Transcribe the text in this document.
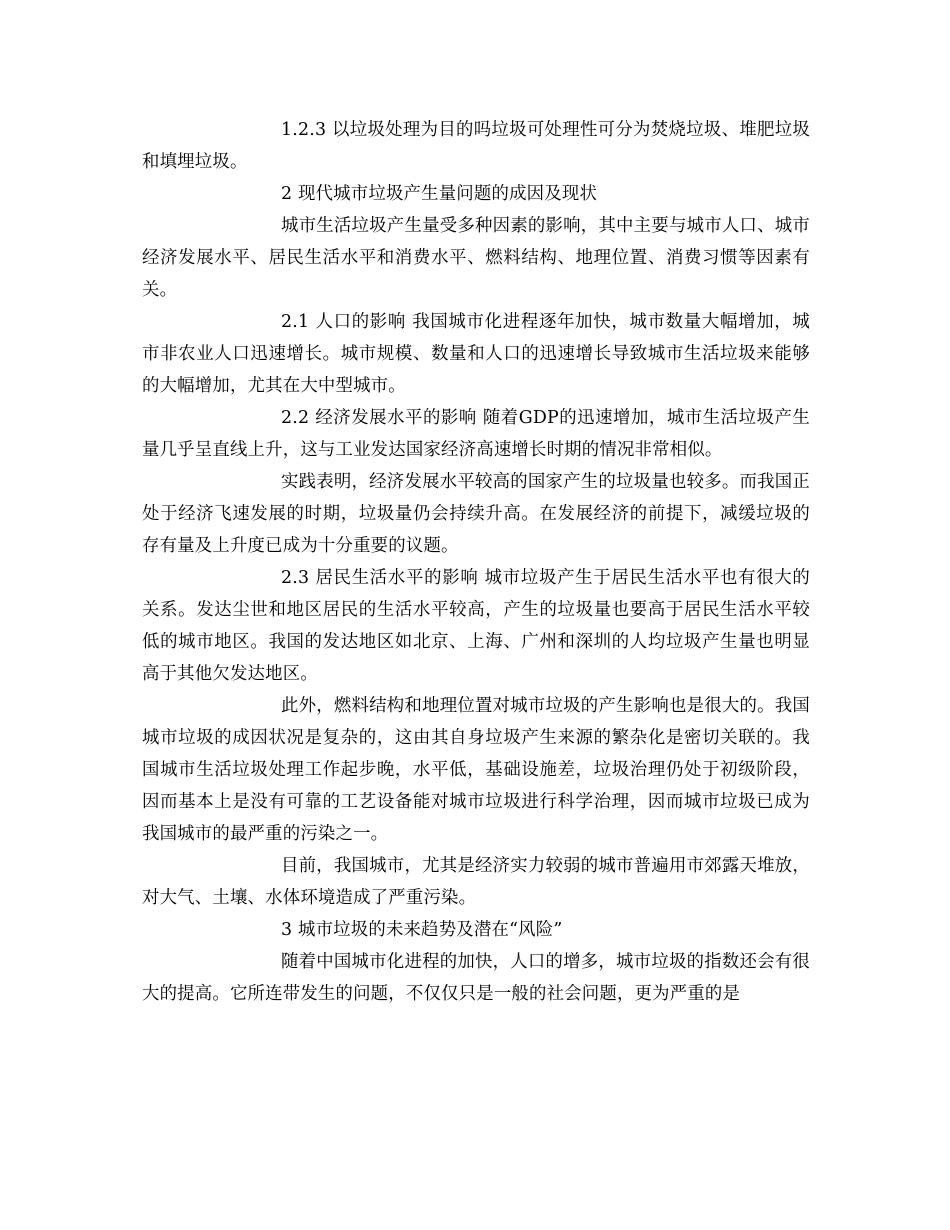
1.2.3 以垃圾处理为目的吗垃圾可处理性可分为焚烧垃圾、堆肥垃圾和填埋垃圾。

2 现代城市垃圾产生量问题的成因及现状

城市生活垃圾产生量受多种因素的影响，其中主要与城市人口、城市经济发展水平、居民生活水平和消费水平、燃料结构、地理位置、消费习惯等因素有关。

2.1 人口的影响 我国城市化进程逐年加快，城市数量大幅增加，城市非农业人口迅速增长。城市规模、数量和人口的迅速增长导致城市生活垃圾来能够的大幅增加，尤其在大中型城市。

2.2 经济发展水平的影响 随着GDP的迅速增加，城市生活垃圾产生量几乎呈直线上升，这与工业发达国家经济高速增长时期的情况非常相似。

实践表明，经济发展水平较高的国家产生的垃圾量也较多。而我国正处于经济飞速发展的时期，垃圾量仍会持续升高。在发展经济的前提下，减缓垃圾的存有量及上升度已成为十分重要的议题。

2.3 居民生活水平的影响 城市垃圾产生于居民生活水平也有很大的关系。发达尘世和地区居民的生活水平较高，产生的垃圾量也要高于居民生活水平较低的城市地区。我国的发达地区如北京、上海、广州和深圳的人均垃圾产生量也明显高于其他欠发达地区。

此外，燃料结构和地理位置对城市垃圾的产生影响也是很大的。我国城市垃圾的成因状况是复杂的，这由其自身垃圾产生来源的繁杂化是密切关联的。我国城市生活垃圾处理工作起步晚，水平低，基础设施差，垃圾治理仍处于初级阶段，因而基本上是没有可靠的工艺设备能对城市垃圾进行科学治理，因而城市垃圾已成为我国城市的最严重的污染之一。

目前，我国城市，尤其是经济实力较弱的城市普遍用市郊露天堆放，对大气、土壤、水体环境造成了严重污染。

3 城市垃圾的未来趋势及潜在“风险”

随着中国城市化进程的加快，人口的增多，城市垃圾的指数还会有很大的提高。它所连带发生的问题，不仅仅只是一般的社会问题，更为严重的是
